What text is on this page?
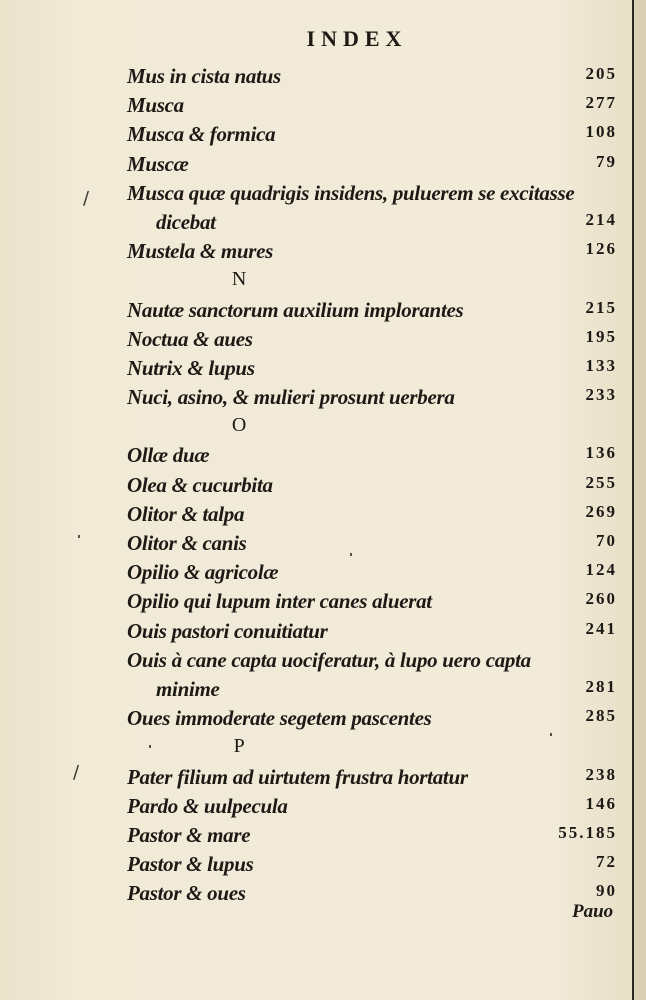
INDEX
/
/
Mus in cista natus	205
Musca	277
Musca & formica	108
Muscæ	79
Musca quæ quadrigis insidens, puluerem se excitasse
dicebat	214
Mustela & mures	126
N
Nautæ sanctorum auxilium implorantes	215
Noctua & aues	195
Nutrix & lupus	133
Nuci, asino, & mulieri prosunt uerbera	233
O
Ollæ duæ	136
Olea & cucurbita	255
Olitor & talpa	269
Olitor & canis	70
Opilio & agricolæ	124
Opilio qui lupum inter canes aluerat	260
Ouis pastori conuitiatur	241
Ouis à cane capta uociferatur, à lupo uero capta
minime	281
Oues immoderate segetem pascentes	285
P
Pater filium ad uirtutem frustra hortatur	238
Pardo & uulpecula	146
Pastor & mare	55.185
Pastor & lupus	72
Pastor & oues	90
Pauo
